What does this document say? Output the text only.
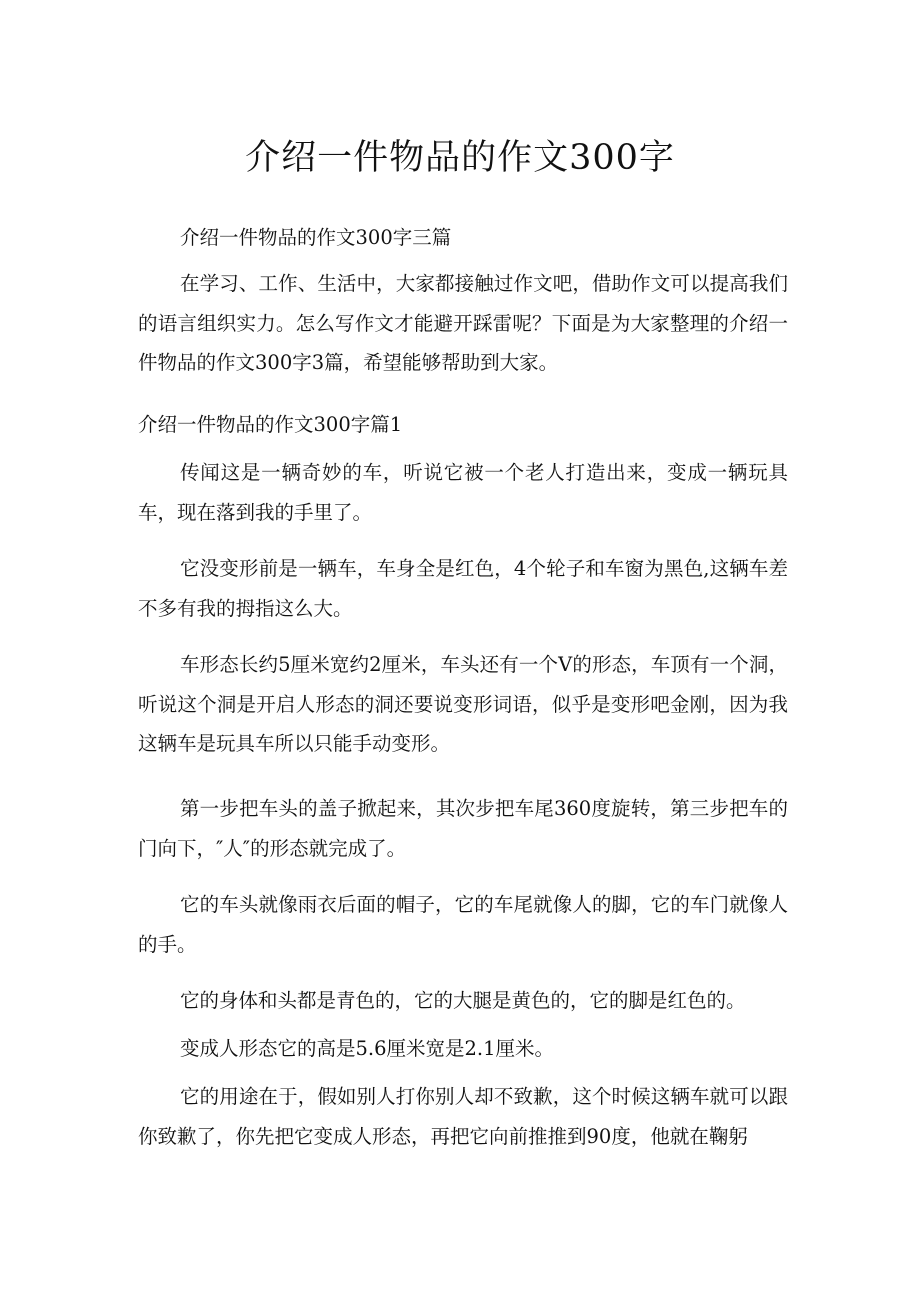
介绍一件物品的作文300字

介绍一件物品的作文300字三篇

在学习、工作、生活中，大家都接触过作文吧，借助作文可以提高我们的语言组织实力。怎么写作文才能避开踩雷呢？下面是为大家整理的介绍一件物品的作文300字3篇，希望能够帮助到大家。

介绍一件物品的作文300字篇1

传闻这是一辆奇妙的车，听说它被一个老人打造出来，变成一辆玩具车，现在落到我的手里了。

它没变形前是一辆车，车身全是红色，4个轮子和车窗为黑色,这辆车差不多有我的拇指这么大。

车形态长约5厘米宽约2厘米，车头还有一个V的形态，车顶有一个洞，听说这个洞是开启人形态的洞还要说变形词语，似乎是变形吧金刚，因为我这辆车是玩具车所以只能手动变形。

第一步把车头的盖子掀起来，其次步把车尾360度旋转，第三步把车的门向下，″人″的形态就完成了。

它的车头就像雨衣后面的帽子，它的车尾就像人的脚，它的车门就像人的手。

它的身体和头都是青色的，它的大腿是黄色的，它的脚是红色的。

变成人形态它的高是5.6厘米宽是2.1厘米。

它的用途在于，假如别人打你别人却不致歉，这个时候这辆车就可以跟你致歉了，你先把它变成人形态，再把它向前推推到90度，他就在鞠躬
